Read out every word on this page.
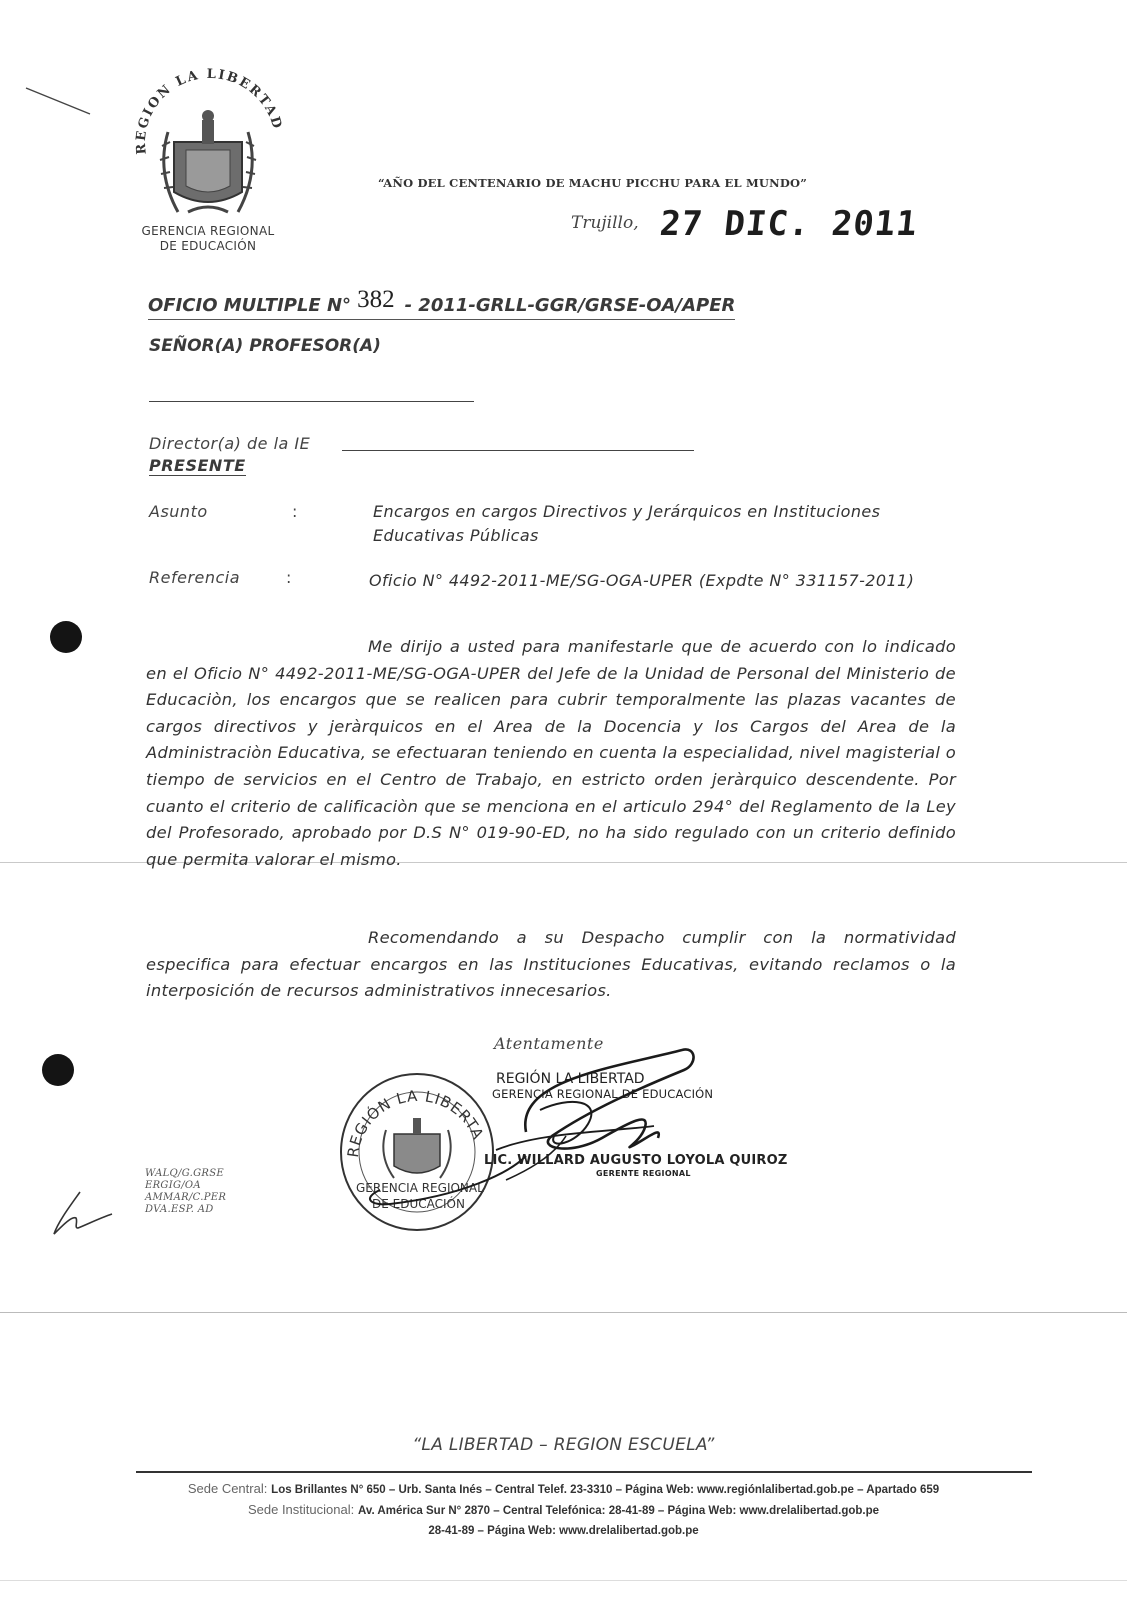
REGION LA LIBERTAD
GERENCIA REGIONAL
DE EDUCACIÓN
“AÑO DEL CENTENARIO DE MACHU PICCHU PARA EL MUNDO”
Trujillo, 27 DIC. 2011
OFICIO MULTIPLE N° 382 - 2011-GRLL-GGR/GRSE-OA/APER
SEÑOR(A) PROFESOR(A)
Director(a) de la IE
PRESENTE
Asunto	:	Encargos en cargos Directivos y Jerárquicos en Instituciones
Educativas Públicas
Referencia	:	Oficio N° 4492-2011-ME/SG-OGA-UPER (Expdte N° 331157-2011)
Me dirijo a usted para manifestarle que de acuerdo con lo indicado en el Oficio N° 4492-2011-ME/SG-OGA-UPER del Jefe de la Unidad de Personal del Ministerio de Educaciòn, los encargos que se realicen para cubrir temporalmente las plazas vacantes de cargos directivos y jeràrquicos en el Area de la Docencia y los Cargos del Area de la Administraciòn Educativa, se efectuaran teniendo en cuenta la especialidad, nivel magisterial o tiempo de servicios en el Centro de Trabajo, en estricto orden jeràrquico descendente. Por cuanto el criterio de calificaciòn que se menciona en el articulo 294° del Reglamento de la Ley del Profesorado, aprobado por D.S N° 019-90-ED, no ha sido regulado con un criterio definido que permita valorar el mismo.
Recomendando a su Despacho cumplir con la normatividad especifica para efectuar encargos en las Instituciones Educativas, evitando reclamos o la interposición de recursos administrativos innecesarios.
Atentamente
REGIÓN LA LIBERTA
GERENCIA REGIONAL
DE EDUCACIÓN
REGIÓN LA LIBERTAD
GERENCIA REGIONAL DE EDUCACIÓN
LIC. WILLARD AUGUSTO LOYOLA QUIROZ
GERENTE REGIONAL
WALQ/G.GRSE
ERGIG/OA
AMMAR/C.PER
DVA.ESP. AD
“LA LIBERTAD – REGION ESCUELA”
Sede Central: Los Brillantes N° 650 – Urb. Santa Inés – Central Telef. 23-3310 – Página Web: www.regiónlalibertad.gob.pe – Apartado 659
Sede Institucional: Av. América Sur N° 2870 – Central Telefónica: 28-41-89 – Página Web: www.drelalibertad.gob.pe
28-41-89 – Página Web: www.drelalibertad.gob.pe
